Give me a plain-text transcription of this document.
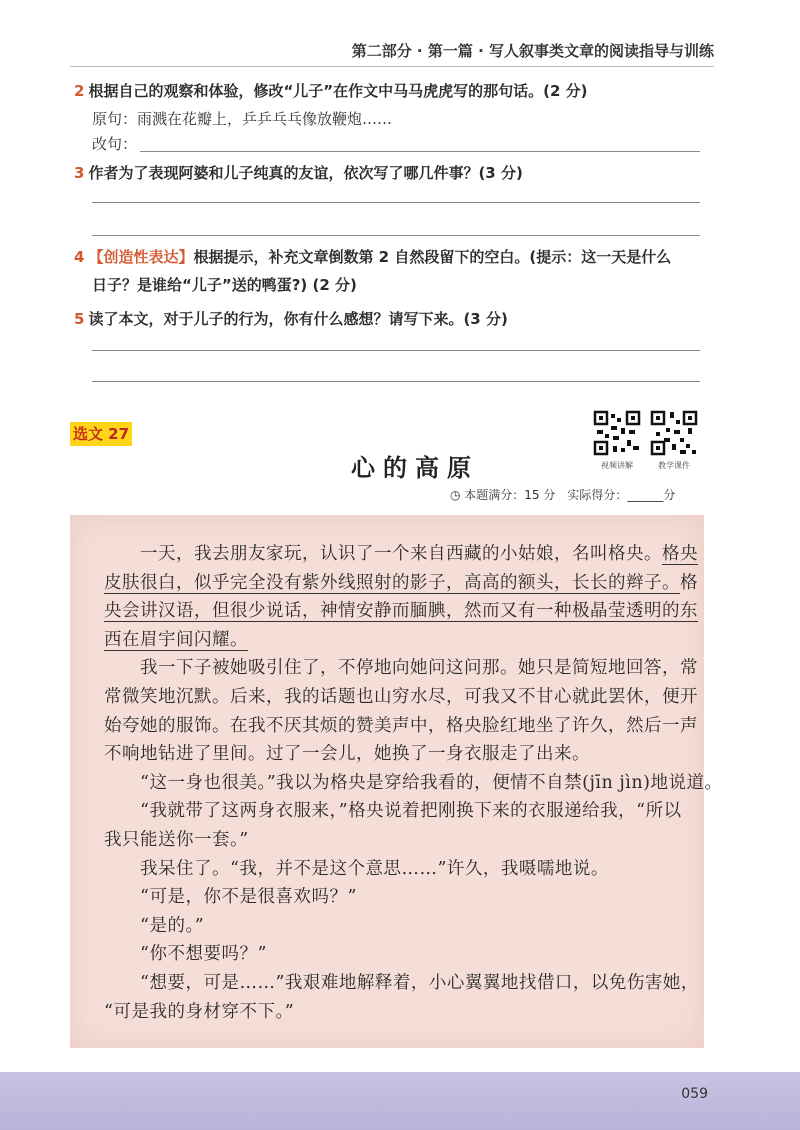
第二部分 · 第一篇 · 写人叙事类文章的阅读指导与训练
2 根据自己的观察和体验，修改“儿子”在作文中马马虎虎写的那句话。(2 分)
原句：雨溅在花瓣上，乒乒乓乓像放鞭炮……
改句：
3 作者为了表现阿婆和儿子纯真的友谊，依次写了哪几件事？(3 分)
4 【创造性表达】根据提示，补充文章倒数第 2 自然段留下的空白。(提示：这一天是什么
日子？是谁给“儿子”送的鸭蛋?) (2 分)
5 读了本文，对于儿子的行为，你有什么感想？请写下来。(3 分)
选文 27
视频讲解	教学课件
心的高原
◷ 本题满分：15 分　实际得分：______分
一天，我去朋友家玩，认识了一个来自西藏的小姑娘，名叫格央。格央
皮肤很白，似乎完全没有紫外线照射的影子，高高的额头，长长的辫子。格
央会讲汉语，但很少说话，神情安静而腼腆，然而又有一种极晶莹透明的东
西在眉宇间闪耀。
我一下子被她吸引住了，不停地向她问这问那。她只是简短地回答，常
常微笑地沉默。后来，我的话题也山穷水尽，可我又不甘心就此罢休，便开
始夸她的服饰。在我不厌其烦的赞美声中，格央脸红地坐了许久，然后一声
不响地钻进了里间。过了一会儿，她换了一身衣服走了出来。
“这一身也很美。”我以为格央是穿给我看的，便情不自禁(jīn jìn)地说道。
“我就带了这两身衣服来，”格央说着把刚换下来的衣服递给我，“所以
我只能送你一套。”
我呆住了。“我，并不是这个意思……”许久，我嗫嚅地说。
“可是，你不是很喜欢吗？”
“是的。”
“你不想要吗？”
“想要，可是……”我艰难地解释着，小心翼翼地找借口，以免伤害她，
“可是我的身材穿不下。”
059
